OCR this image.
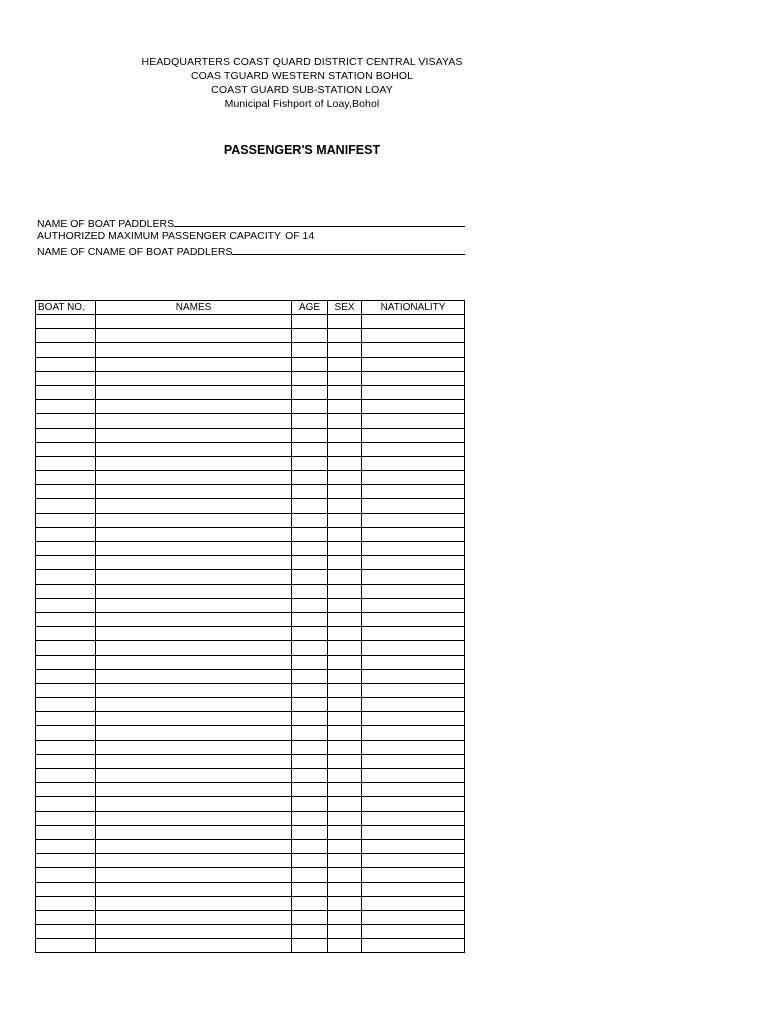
HEADQUARTERS COAST QUARD DISTRICT CENTRAL VISAYAS
COAS TGUARD WESTERN STATION BOHOL
COAST GUARD SUB-STATION LOAY
Municipal Fishport of Loay,Bohol
PASSENGER'S MANIFEST
NAME OF BOAT PADDLERS
AUTHORIZED MAXIMUM PASSENGER CAPACITY OF 14
NAME OF CNAME OF BOAT PADDLERS
BOAT NO.	NAMES	AGE	SEX	NATIONALITY
